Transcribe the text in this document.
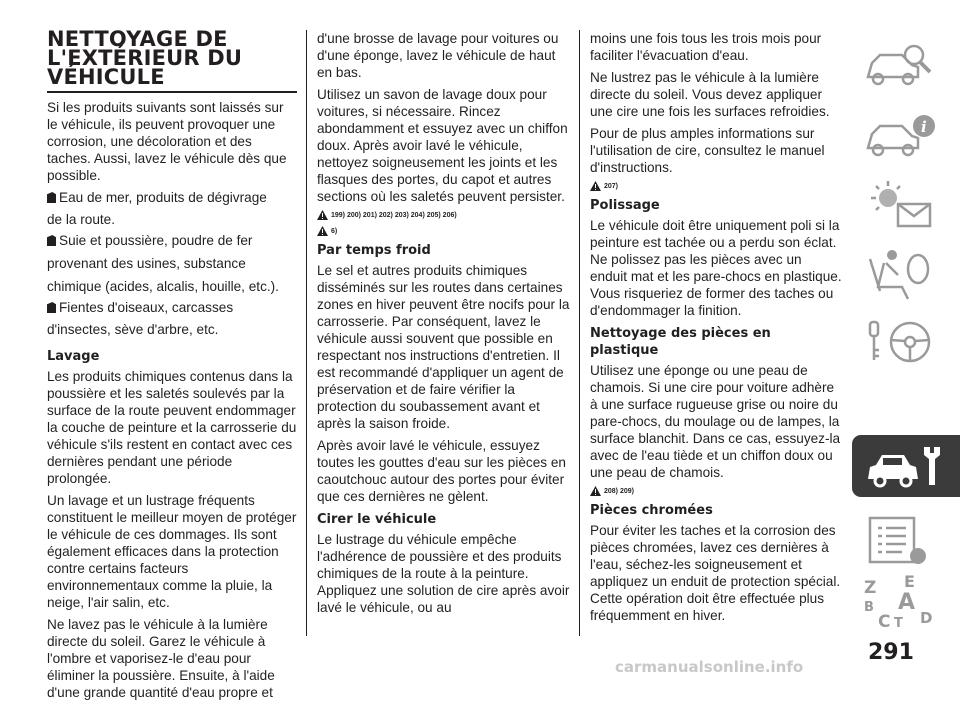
NETTOYAGE DE L'EXTÉRIEUR DU VÉHICULE

Si les produits suivants sont laissés sur le véhicule, ils peuvent provoquer une corrosion, une décoloration et des taches. Aussi, lavez le véhicule dès que possible.

Eau de mer, produits de dégivrage
de la route.
Suie et poussière, poudre de fer
provenant des usines, substance
chimique (acides, alcalis, houille, etc.).
Fientes d'oiseaux, carcasses
d'insectes, sève d'arbre, etc.
Lavage

Les produits chimiques contenus dans la poussière et les saletés soulevés par la surface de la route peuvent endommager la couche de peinture et la carrosserie du véhicule s'ils restent en contact avec ces dernières pendant une période prolongée.

Un lavage et un lustrage fréquents constituent le meilleur moyen de protéger le véhicule de ces dommages. Ils sont également efficaces dans la protection contre certains facteurs environnementaux comme la pluie, la neige, l'air salin, etc.

Ne lavez pas le véhicule à la lumière directe du soleil. Garez le véhicule à l'ombre et vaporisez-le d'eau pour éliminer la poussière. Ensuite, à l'aide d'une grande quantité d'eau propre et

d'une brosse de lavage pour voitures ou d'une éponge, lavez le véhicule de haut en bas.

Utilisez un savon de lavage doux pour voitures, si nécessaire. Rincez abondamment et essuyez avec un chiffon doux. Après avoir lavé le véhicule, nettoyez soigneusement les joints et les flasques des portes, du capot et autres sections où les saletés peuvent persister.

199) 200) 201) 202) 203) 204) 205) 206)
6)
Par temps froid

Le sel et autres produits chimiques disséminés sur les routes dans certaines zones en hiver peuvent être nocifs pour la carrosserie. Par conséquent, lavez le véhicule aussi souvent que possible en respectant nos instructions d'entretien. Il est recommandé d'appliquer un agent de préservation et de faire vérifier la protection du soubassement avant et après la saison froide.

Après avoir lavé le véhicule, essuyez toutes les gouttes d'eau sur les pièces en caoutchouc autour des portes pour éviter que ces dernières ne gèlent.

Cirer le véhicule

Le lustrage du véhicule empêche l'adhérence de poussière et des produits chimiques de la route à la peinture. Appliquez une solution de cire après avoir lavé le véhicule, ou au

moins une fois tous les trois mois pour faciliter l'évacuation d'eau.

Ne lustrez pas le véhicule à la lumière directe du soleil. Vous devez appliquer une cire une fois les surfaces refroidies.

Pour de plus amples informations sur l'utilisation de cire, consultez le manuel d'instructions.

207)
Polissage

Le véhicule doit être uniquement poli si la peinture est tachée ou a perdu son éclat. Ne polissez pas les pièces avec un enduit mat et les pare-chocs en plastique. Vous risqueriez de former des taches ou d'endommager la finition.

Nettoyage des pièces en plastique

Utilisez une éponge ou une peau de chamois. Si une cire pour voiture adhère à une surface rugueuse grise ou noire du pare-chocs, du moulage ou de lampes, la surface blanchit. Dans ce cas, essuyez-la avec de l'eau tiède et un chiffon doux ou une peau de chamois.

208) 209)
Pièces chromées

Pour éviter les taches et la corrosion des pièces chromées, lavez ces dernières à l'eau, séchez-les soigneusement et appliquez un enduit de protection spécial. Cette opération doit être effectuée plus fréquemment en hiver.

i
Z E
B A
C T D
291
carmanualsonline.info
